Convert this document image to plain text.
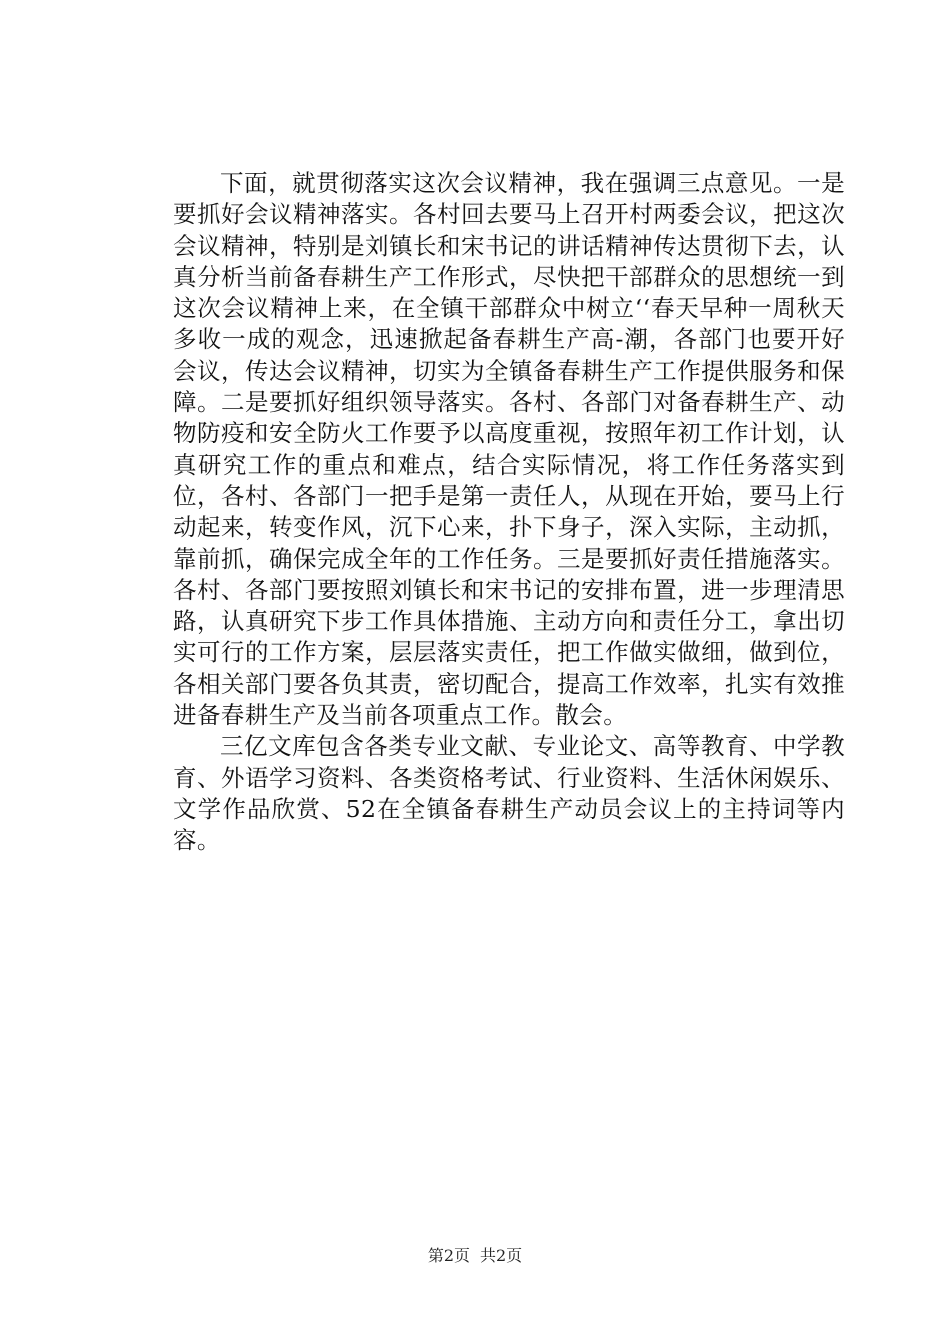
下面，就贯彻落实这次会议精神，我在强调三点意见。一是要抓好会议精神落实。各村回去要马上召开村两委会议，把这次会议精神，特别是刘镇长和宋书记的讲话精神传达贯彻下去，认真分析当前备春耕生产工作形式，尽快把干部群众的思想统一到这次会议精神上来，在全镇干部群众中树立‘‘春天早种一周秋天多收一成的观念，迅速掀起备春耕生产高-潮，各部门也要开好会议，传达会议精神，切实为全镇备春耕生产工作提供服务和保障。二是要抓好组织领导落实。各村、各部门对备春耕生产、动物防疫和安全防火工作要予以高度重视，按照年初工作计划，认真研究工作的重点和难点，结合实际情况，将工作任务落实到位，各村、各部门一把手是第一责任人，从现在开始，要马上行动起来，转变作风，沉下心来，扑下身子，深入实际，主动抓，靠前抓，确保完成全年的工作任务。三是要抓好责任措施落实。各村、各部门要按照刘镇长和宋书记的安排布置，进一步理清思路，认真研究下步工作具体措施、主动方向和责任分工，拿出切实可行的工作方案，层层落实责任，把工作做实做细，做到位，各相关部门要各负其责，密切配合，提高工作效率，扎实有效推进备春耕生产及当前各项重点工作。散会。

三亿文库包含各类专业文献、专业论文、高等教育、中学教育、外语学习资料、各类资格考试、行业资料、生活休闲娱乐、文学作品欣赏、52在全镇备春耕生产动员会议上的主持词等内容。

第2页 共2页
